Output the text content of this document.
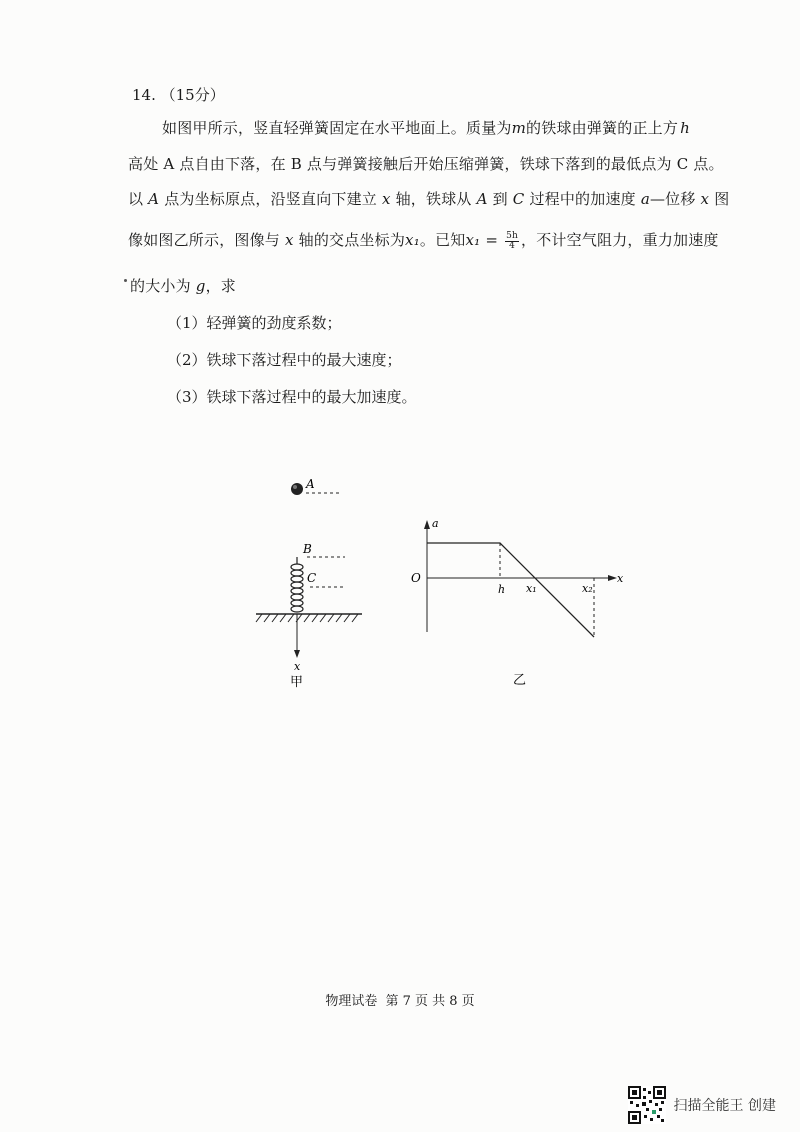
14. （15分）
如图甲所示，竖直轻弹簧固定在水平地面上。质量为m的铁球由弹簧的正上方 h
高处 A 点自由下落，在 B 点与弹簧接触后开始压缩弹簧，铁球下落到的最低点为 C 点。
以 A 点为坐标原点，沿竖直向下建立 x 轴，铁球从 A 到 C 过程中的加速度 a—位移 x 图
像如图乙所示，图像与 x 轴的交点坐标为x₁。已知$x_1 = \frac{5h}{4}$ ，不计空气阻力，重力加速度
的大小为 g，求
（1）轻弹簧的劲度系数；
（2）铁球下落过程中的最大速度；
（3）铁球下落过程中的最大加速度。
A
B
C
x
甲
a
x
O
h x₁	x₂
乙
物理试卷 第 7 页 共 8 页
扫描全能王 创建
